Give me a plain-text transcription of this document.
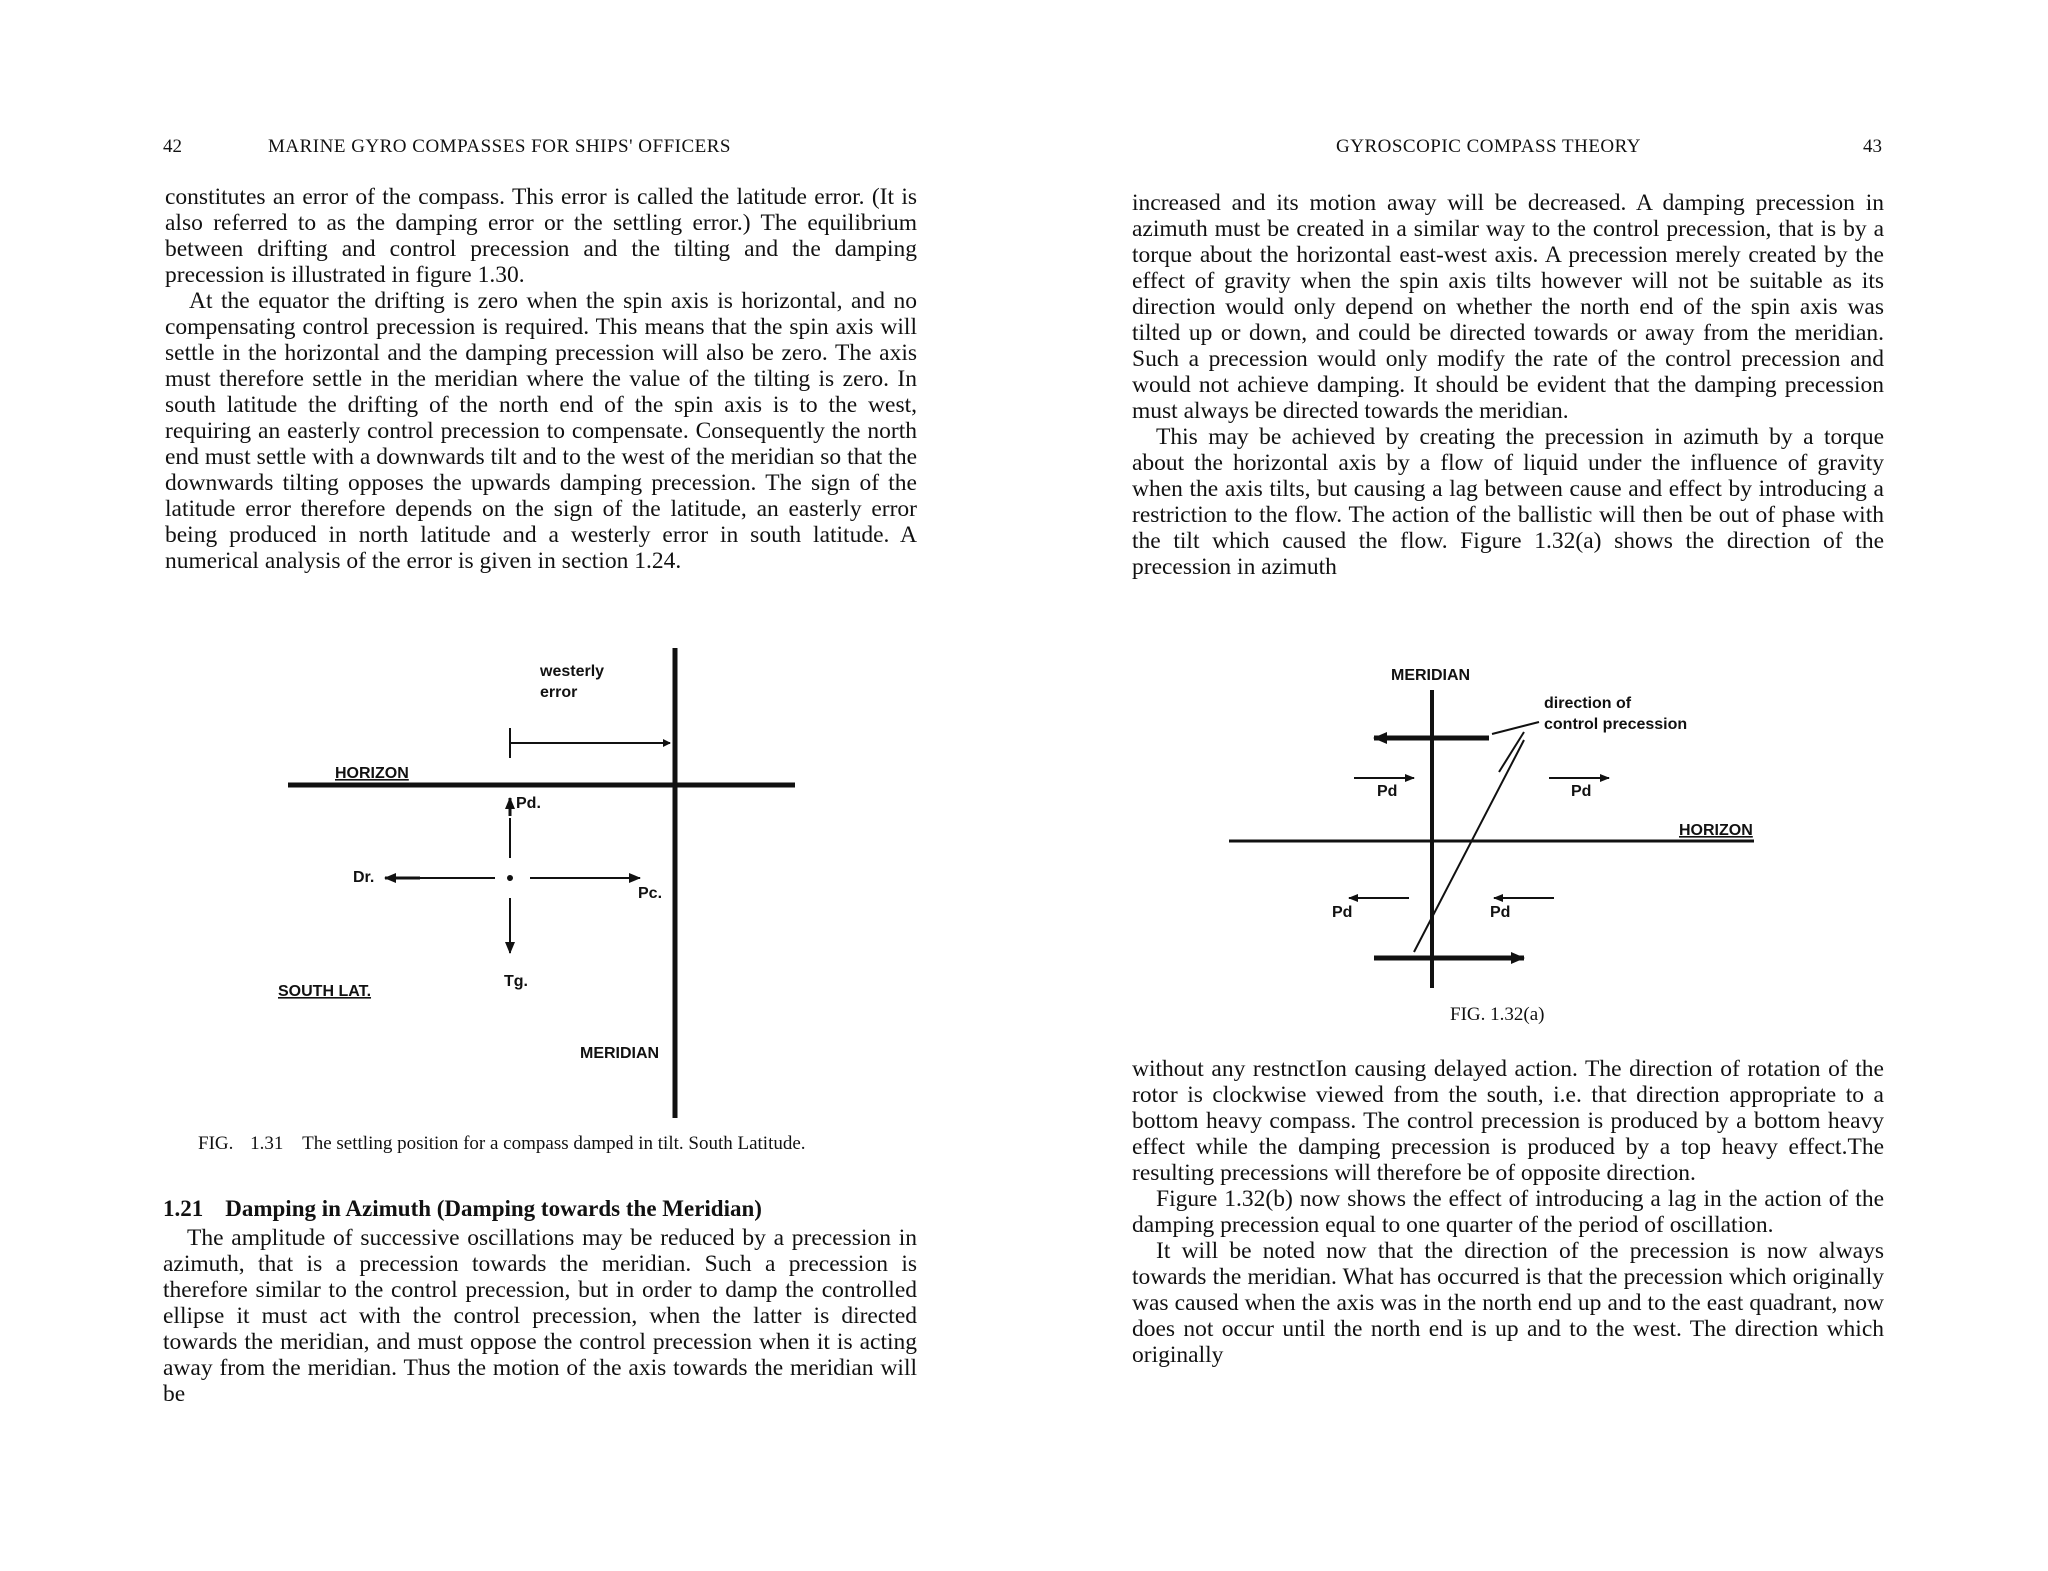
42	MARINE GYRO COMPASSES FOR SHIPS' OFFICERS

constitutes an error of the compass. This error is called the latitude error. (It is also referred to as the damping error or the settling error.) The equilibrium between drifting and control precession and the tilting and the damping precession is illustrated in figure 1.30.

At the equator the drifting is zero when the spin axis is horizontal, and no compensating control precession is required. This means that the spin axis will settle in the horizontal and the damping precession will also be zero. The axis must therefore settle in the meridian where the value of the tilting is zero. In south latitude the drifting of the north end of the spin axis is to the west, requiring an easterly control precession to compensate. Consequently the north end must settle with a downwards tilt and to the west of the meridian so that the downwards tilting opposes the upwards damping precession. The sign of the latitude error therefore depends on the sign of the latitude, an easterly error being produced in north latitude and a westerly error in south latitude. A numerical analysis of the error is given in section 1.24.

westerly
error
HORIZON
Pd.
Dr.
Pc.
Tg.
SOUTH LAT.
MERIDIAN
FIG. 1.31 The settling position for a compass damped in tilt. South Latitude.
1.21 Damping in Azimuth (Damping towards the Meridian)

The amplitude of successive oscillations may be reduced by a precession in azimuth, that is a precession towards the meridian. Such a precession is therefore similar to the control precession, but in order to damp the controlled ellipse it must act with the control precession, when the latter is directed towards the meridian, and must oppose the control precession when it is acting away from the meridian. Thus the motion of the axis towards the meridian will be

GYROSCOPIC COMPASS THEORY	43

increased and its motion away will be decreased. A damping precession in azimuth must be created in a similar way to the control precession, that is by a torque about the horizontal east-west axis. A precession merely created by the effect of gravity when the spin axis tilts however will not be suitable as its direction would only depend on whether the north end of the spin axis was tilted up or down, and could be directed towards or away from the meridian. Such a precession would only modify the rate of the control precession and would not achieve damping. It should be evident that the damping precession must always be directed towards the meridian.

This may be achieved by creating the precession in azimuth by a torque about the horizontal axis by a flow of liquid under the influence of gravity when the axis tilts, but causing a lag between cause and effect by introducing a restriction to the flow. The action of the ballistic will then be out of phase with the tilt which caused the flow. Figure 1.32(a) shows the direction of the precession in azimuth

MERIDIAN
direction of
control precession
Pd	Pd
HORIZON
Pd	Pd
FIG. 1.32(a)

without any restnctIon causing delayed action. The direction of rotation of the rotor is clockwise viewed from the south, i.e. that direction appropriate to a bottom heavy compass. The control precession is produced by a bottom heavy effect while the damping precession is produced by a top heavy effect.The resulting precessions will therefore be of opposite direction.

Figure 1.32(b) now shows the effect of introducing a lag in the action of the damping precession equal to one quarter of the period of oscillation.

It will be noted now that the direction of the precession is now always towards the meridian. What has occurred is that the precession which originally was caused when the axis was in the north end up and to the east quadrant, now does not occur until the north end is up and to the west. The direction which originally
